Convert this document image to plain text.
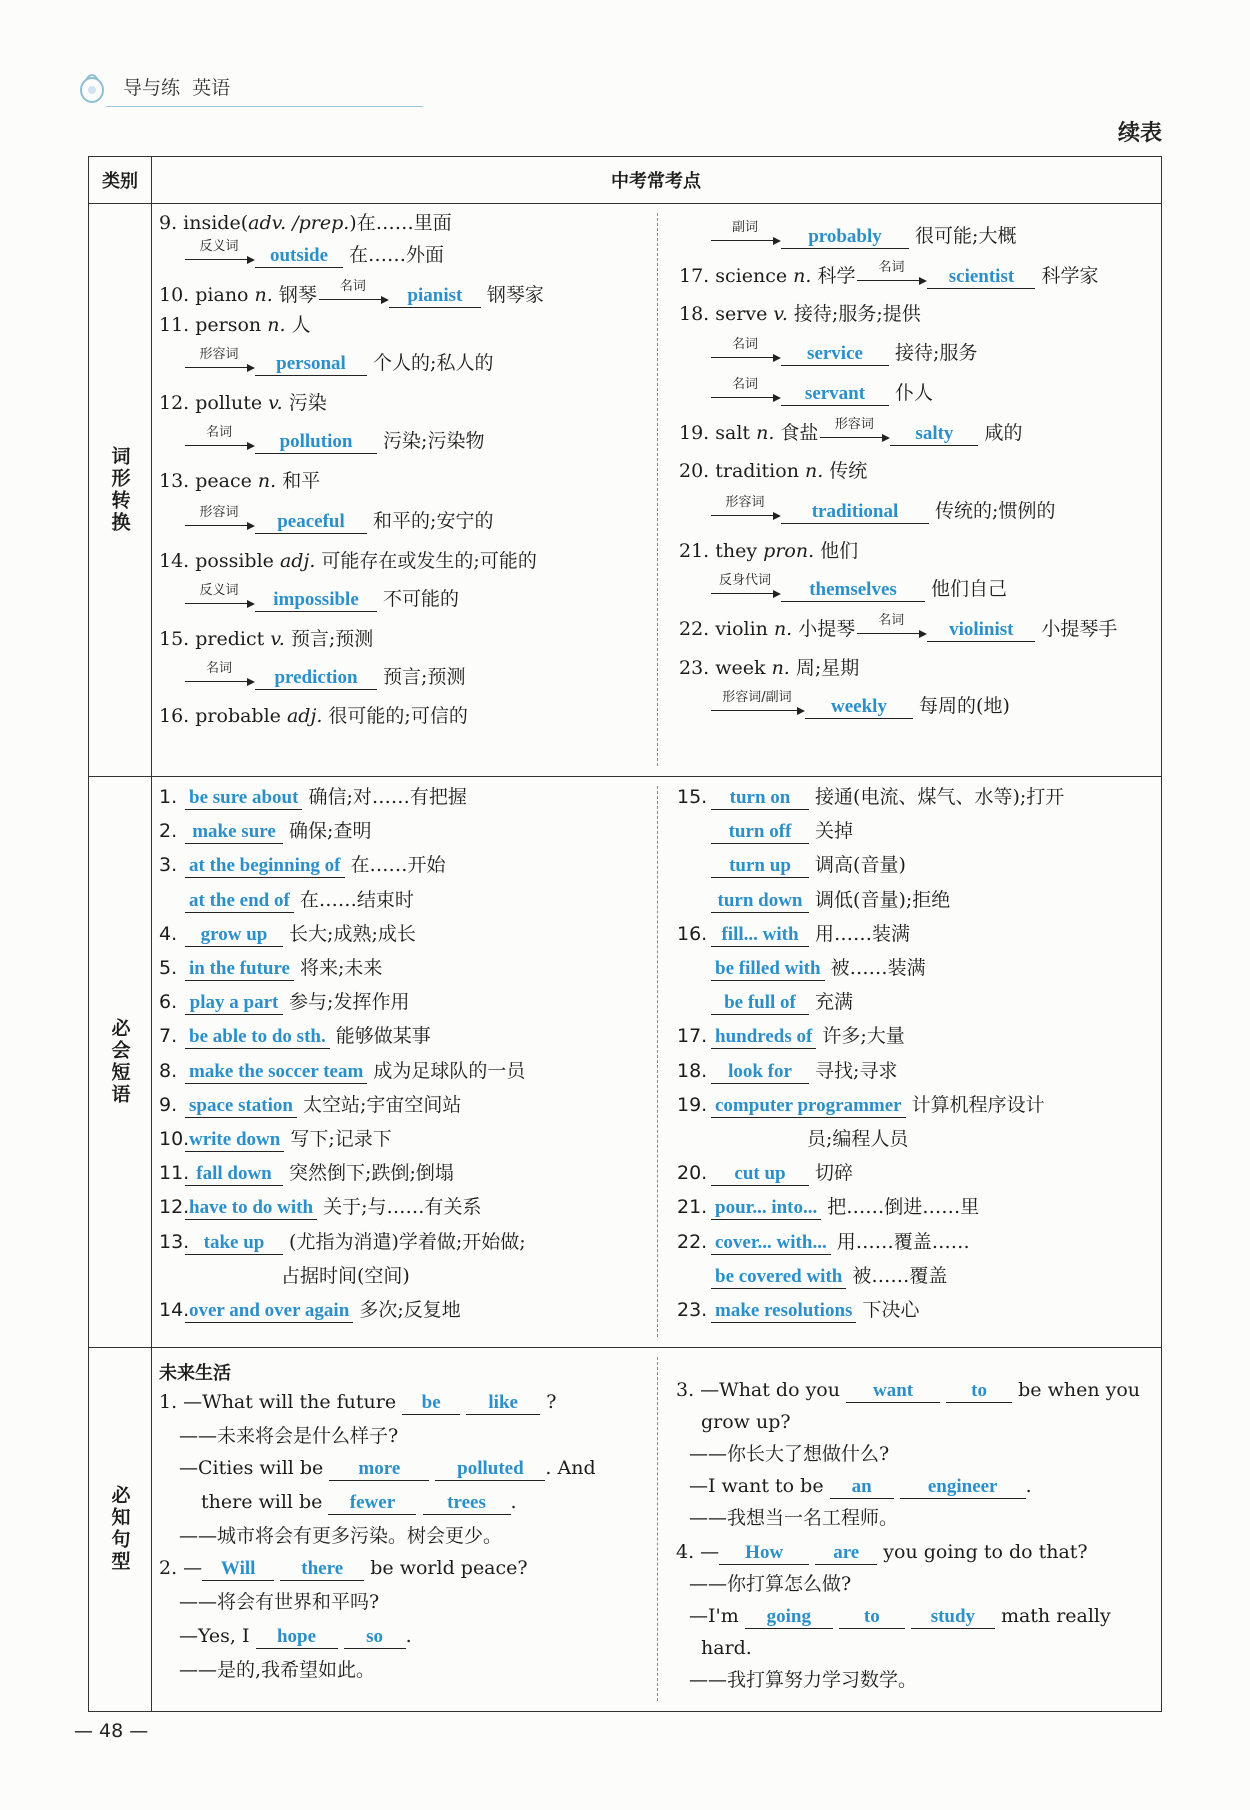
导与练 英语
续表
类别	中考常考点
词形转换
9. inside(adv. /prep.)在……里面
反义词	outside 在……外面
10. piano n. 钢琴	名词	pianist 钢琴家
11. person n. 人
形容词	personal 个人的;私人的
12. pollute v. 污染
名词	pollution 污染;污染物
13. peace n. 和平
形容词	peaceful 和平的;安宁的
14. possible adj. 可能存在或发生的;可能的
反义词	impossible 不可能的
15. predict v. 预言;预测
名词	prediction 预言;预测
16. probable adj. 很可能的;可信的
副词	probably 很可能;大概
17. science n. 科学	名词	scientist 科学家
18. serve v. 接待;服务;提供
名词	service 接待;服务
名词	servant 仆人
19. salt n. 食盐	形容词	salty 咸的
20. tradition n. 传统
形容词	traditional 传统的;惯例的
21. they pron. 他们
反身代词	themselves 他们自己
22. violin n. 小提琴	名词	violinist 小提琴手
23. week n. 周;星期
形容词/副词	weekly 每周的(地)
必会短语
1. be sure about 确信;对……有把握
2. make sure 确保;查明
3. at the beginning of 在……开始
at the end of 在……结束时
4. grow up 长大;成熟;成长
5. in the future 将来;未来
6. play a part 参与;发挥作用
7. be able to do sth. 能够做某事
8. make the soccer team 成为足球队的一员
9. space station 太空站;宇宙空间站
10.write down 写下;记录下
11. fall down 突然倒下;跌倒;倒塌
12.have to do with 关于;与……有关系
13. take up (尤指为消遣)学着做;开始做;
占据时间(空间)
14.over and over again 多次;反复地
15. turn on 接通(电流、煤气、水等);打开
turn off 关掉
turn up 调高(音量)
turn down 调低(音量);拒绝
16. fill... with 用……装满
be filled with 被……装满
be full of 充满
17. hundreds of 许多;大量
18. look for 寻找;寻求
19. computer programmer 计算机程序设计
员;编程人员
20. cut up 切碎
21. pour... into... 把……倒进……里
22. cover... with... 用……覆盖……
be covered with 被……覆盖
23. make resolutions 下决心
必知句型
未来生活
1. —What will the future be	like ?
——未来将会是什么样子?
—Cities will be more	polluted . And
there will be fewer	trees .
——城市将会有更多污染。树会更少。
2. — Will there be world peace?
——将会有世界和平吗?
—Yes, I hope	so .
——是的,我希望如此。
3. —What do you want	to be when you
grow up?
——你长大了想做什么?
—I want to be an	engineer .
——我想当一名工程师。
4. — How	are you going to do that?
——你打算怎么做?
—I'm going	to	study math really
hard.
——我打算努力学习数学。
— 48 —
